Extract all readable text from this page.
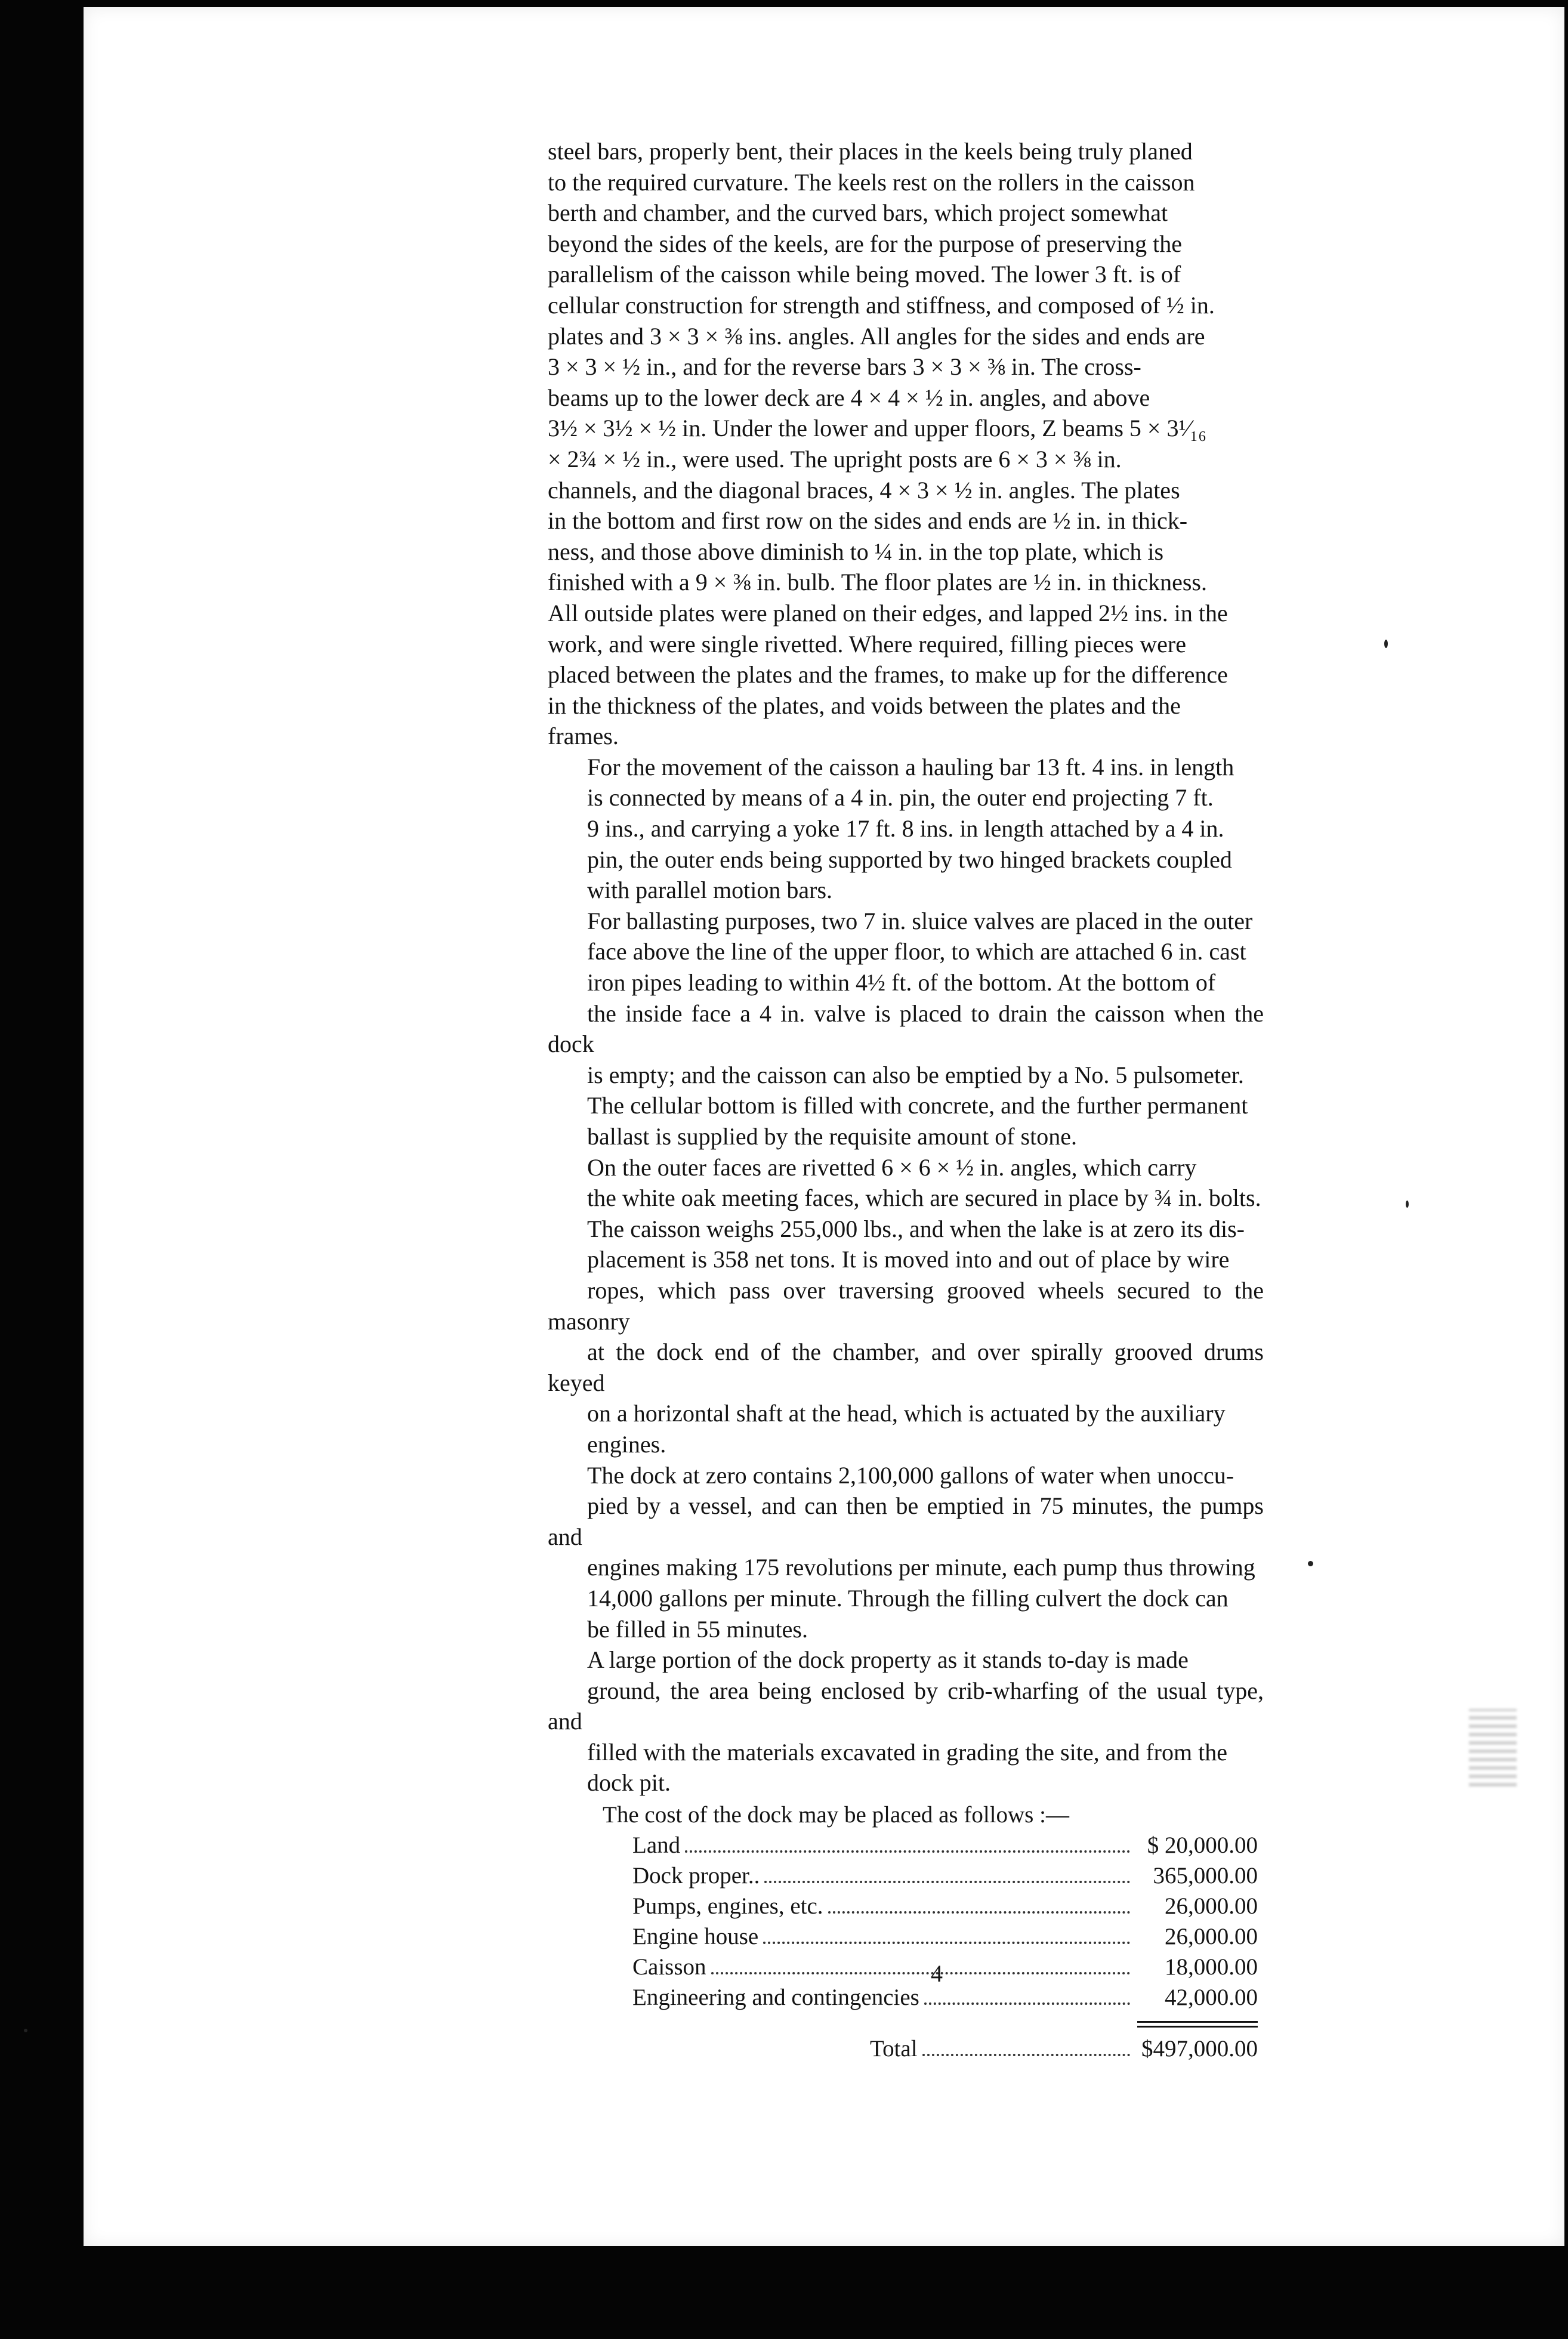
steel bars, properly bent, their places in the keels being truly planed
to the required curvature. The keels rest on the rollers in the caisson
berth and chamber, and the curved bars, which project somewhat
beyond the sides of the keels, are for the purpose of preserving the
parallelism of the caisson while being moved. The lower 3 ft. is of
cellular construction for strength and stiffness, and composed of ½ in.
plates and 3 × 3 × ⅜ ins. angles. All angles for the sides and ends are
3 × 3 × ½ in., and for the reverse bars 3 × 3 × ⅜ in. The cross-
beams up to the lower deck are 4 × 4 × ½ in. angles, and above
3½ × 3½ × ½ in. Under the lower and upper floors, Z beams 5 × 3¹⁄₁₆
× 2¾ × ½ in., were used. The upright posts are 6 × 3 × ⅜ in.
channels, and the diagonal braces, 4 × 3 × ½ in. angles. The plates
in the bottom and first row on the sides and ends are ½ in. in thick-
ness, and those above diminish to ¼ in. in the top plate, which is
finished with a 9 × ⅜ in. bulb. The floor plates are ½ in. in thickness.
All outside plates were planed on their edges, and lapped 2½ ins. in the
work, and were single rivetted. Where required, filling pieces were
placed between the plates and the frames, to make up for the difference
in the thickness of the plates, and voids between the plates and the
frames.
For the movement of the caisson a hauling bar 13 ft. 4 ins. in length
is connected by means of a 4 in. pin, the outer end projecting 7 ft.
9 ins., and carrying a yoke 17 ft. 8 ins. in length attached by a 4 in.
pin, the outer ends being supported by two hinged brackets coupled
with parallel motion bars.
For ballasting purposes, two 7 in. sluice valves are placed in the outer
face above the line of the upper floor, to which are attached 6 in. cast
iron pipes leading to within 4½ ft. of the bottom. At the bottom of
the inside face a 4 in. valve is placed to drain the caisson when the dock
is empty; and the caisson can also be emptied by a No. 5 pulsometer.
The cellular bottom is filled with concrete, and the further permanent
ballast is supplied by the requisite amount of stone.
On the outer faces are rivetted 6 × 6 × ½ in. angles, which carry
the white oak meeting faces, which are secured in place by ¾ in. bolts.
The caisson weighs 255,000 lbs., and when the lake is at zero its dis-
placement is 358 net tons. It is moved into and out of place by wire
ropes, which pass over traversing grooved wheels secured to the masonry
at the dock end of the chamber, and over spirally grooved drums keyed
on a horizontal shaft at the head, which is actuated by the auxiliary
engines.
The dock at zero contains 2,100,000 gallons of water when unoccu-
pied by a vessel, and can then be emptied in 75 minutes, the pumps and
engines making 175 revolutions per minute, each pump thus throwing
14,000 gallons per minute. Through the filling culvert the dock can
be filled in 55 minutes.
A large portion of the dock property as it stands to-day is made
ground, the area being enclosed by crib-wharfing of the usual type, and
filled with the materials excavated in grading the site, and from the
dock pit.
The cost of the dock may be placed as follows :—
Land	$ 20,000.00
Dock proper..	365,000.00
Pumps, engines, etc.	26,000.00
Engine house	26,000.00
Caisson	18,000.00
Engineering and contingencies	42,000.00
Total	$497,000.00
4
